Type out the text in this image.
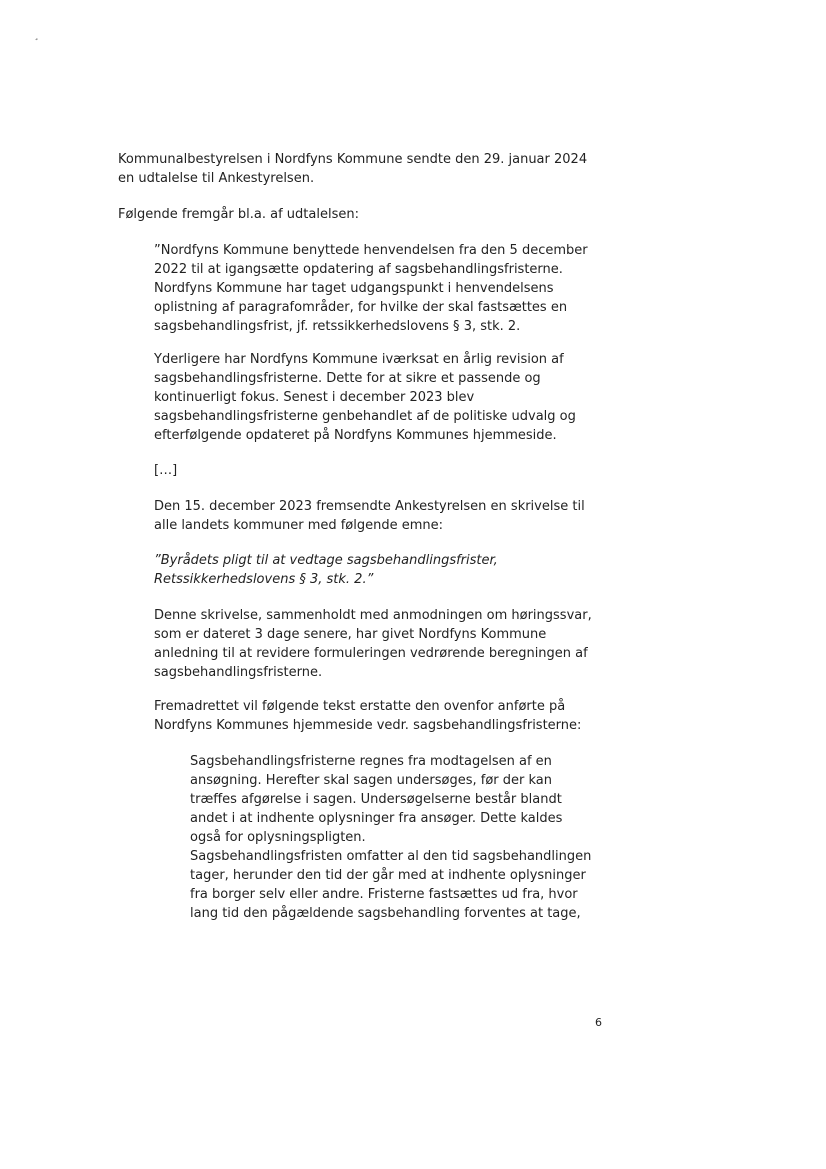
¸

Kommunalbestyrelsen i Nordfyns Kommune sendte den 29. januar 2024
en udtalelse til Ankestyrelsen.

Følgende fremgår bl.a. af udtalelsen:

”Nordfyns Kommune benyttede henvendelsen fra den 5 december
2022 til at igangsætte opdatering af sagsbehandlingsfristerne.
Nordfyns Kommune har taget udgangspunkt i henvendelsens
oplistning af paragrafområder, for hvilke der skal fastsættes en
sagsbehandlingsfrist, jf. retssikkerhedslovens § 3, stk. 2.

Yderligere har Nordfyns Kommune iværksat en årlig revision af
sagsbehandlingsfristerne. Dette for at sikre et passende og
kontinuerligt fokus. Senest i december 2023 blev
sagsbehandlingsfristerne genbehandlet af de politiske udvalg og
efterfølgende opdateret på Nordfyns Kommunes hjemmeside.

[…]

Den 15. december 2023 fremsendte Ankestyrelsen en skrivelse til
alle landets kommuner med følgende emne:

”Byrådets pligt til at vedtage sagsbehandlingsfrister,
Retssikkerhedslovens § 3, stk. 2.”

Denne skrivelse, sammenholdt med anmodningen om høringssvar,
som er dateret 3 dage senere, har givet Nordfyns Kommune
anledning til at revidere formuleringen vedrørende beregningen af
sagsbehandlingsfristerne.

Fremadrettet vil følgende tekst erstatte den ovenfor anførte på
Nordfyns Kommunes hjemmeside vedr. sagsbehandlingsfristerne:

Sagsbehandlingsfristerne regnes fra modtagelsen af en
ansøgning. Herefter skal sagen undersøges, før der kan
træffes afgørelse i sagen. Undersøgelserne består blandt
andet i at indhente oplysninger fra ansøger. Dette kaldes
også for oplysningspligten.
Sagsbehandlingsfristen omfatter al den tid sagsbehandlingen
tager, herunder den tid der går med at indhente oplysninger
fra borger selv eller andre. Fristerne fastsættes ud fra, hvor
lang tid den pågældende sagsbehandling forventes at tage,

6
